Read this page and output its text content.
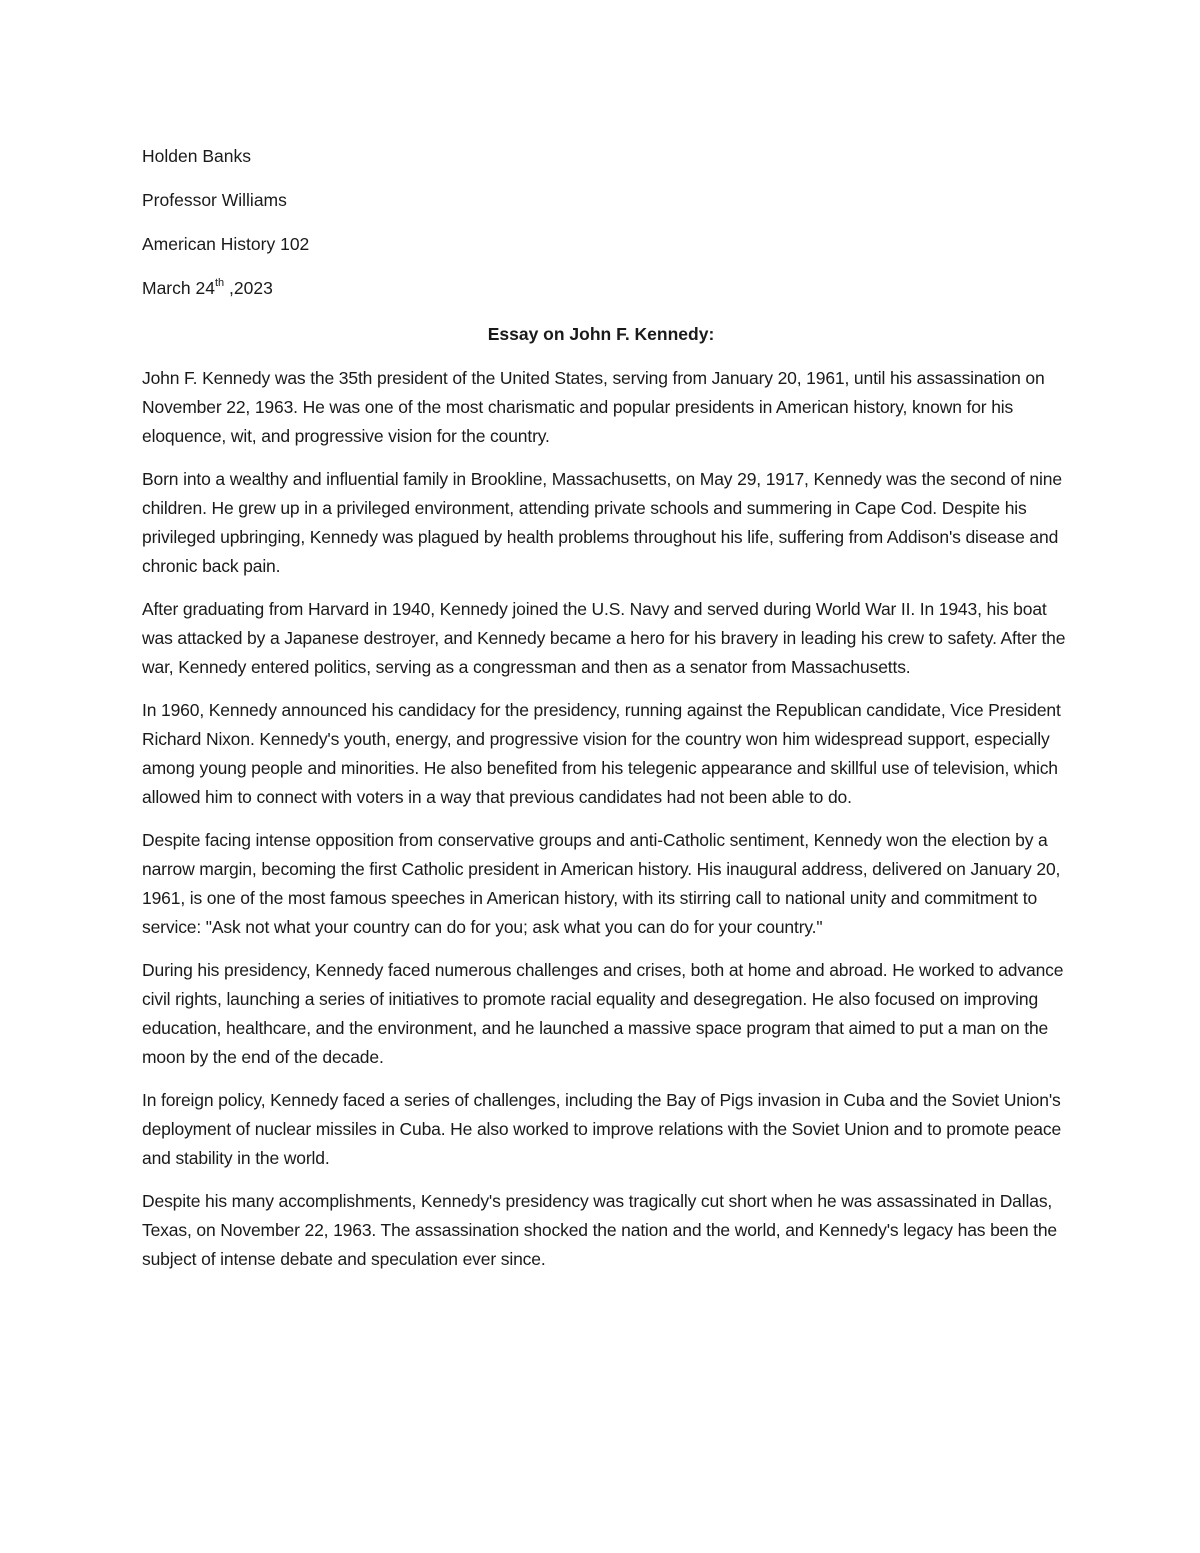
Holden Banks

Professor Williams

American History 102

March 24th ,2023

Essay on John F. Kennedy:

John F. Kennedy was the 35th president of the United States, serving from January 20, 1961, until his assassination on November 22, 1963. He was one of the most charismatic and popular presidents in American history, known for his eloquence, wit, and progressive vision for the country.

Born into a wealthy and influential family in Brookline, Massachusetts, on May 29, 1917, Kennedy was the second of nine children. He grew up in a privileged environment, attending private schools and summering in Cape Cod. Despite his privileged upbringing, Kennedy was plagued by health problems throughout his life, suffering from Addison's disease and chronic back pain.

After graduating from Harvard in 1940, Kennedy joined the U.S. Navy and served during World War II. In 1943, his boat was attacked by a Japanese destroyer, and Kennedy became a hero for his bravery in leading his crew to safety. After the war, Kennedy entered politics, serving as a congressman and then as a senator from Massachusetts.

In 1960, Kennedy announced his candidacy for the presidency, running against the Republican candidate, Vice President Richard Nixon. Kennedy's youth, energy, and progressive vision for the country won him widespread support, especially among young people and minorities. He also benefited from his telegenic appearance and skillful use of television, which allowed him to connect with voters in a way that previous candidates had not been able to do.

Despite facing intense opposition from conservative groups and anti-Catholic sentiment, Kennedy won the election by a narrow margin, becoming the first Catholic president in American history. His inaugural address, delivered on January 20, 1961, is one of the most famous speeches in American history, with its stirring call to national unity and commitment to service: "Ask not what your country can do for you; ask what you can do for your country."

During his presidency, Kennedy faced numerous challenges and crises, both at home and abroad. He worked to advance civil rights, launching a series of initiatives to promote racial equality and desegregation. He also focused on improving education, healthcare, and the environment, and he launched a massive space program that aimed to put a man on the moon by the end of the decade.

In foreign policy, Kennedy faced a series of challenges, including the Bay of Pigs invasion in Cuba and the Soviet Union's deployment of nuclear missiles in Cuba. He also worked to improve relations with the Soviet Union and to promote peace and stability in the world.

Despite his many accomplishments, Kennedy's presidency was tragically cut short when he was assassinated in Dallas, Texas, on November 22, 1963. The assassination shocked the nation and the world, and Kennedy's legacy has been the subject of intense debate and speculation ever since.
